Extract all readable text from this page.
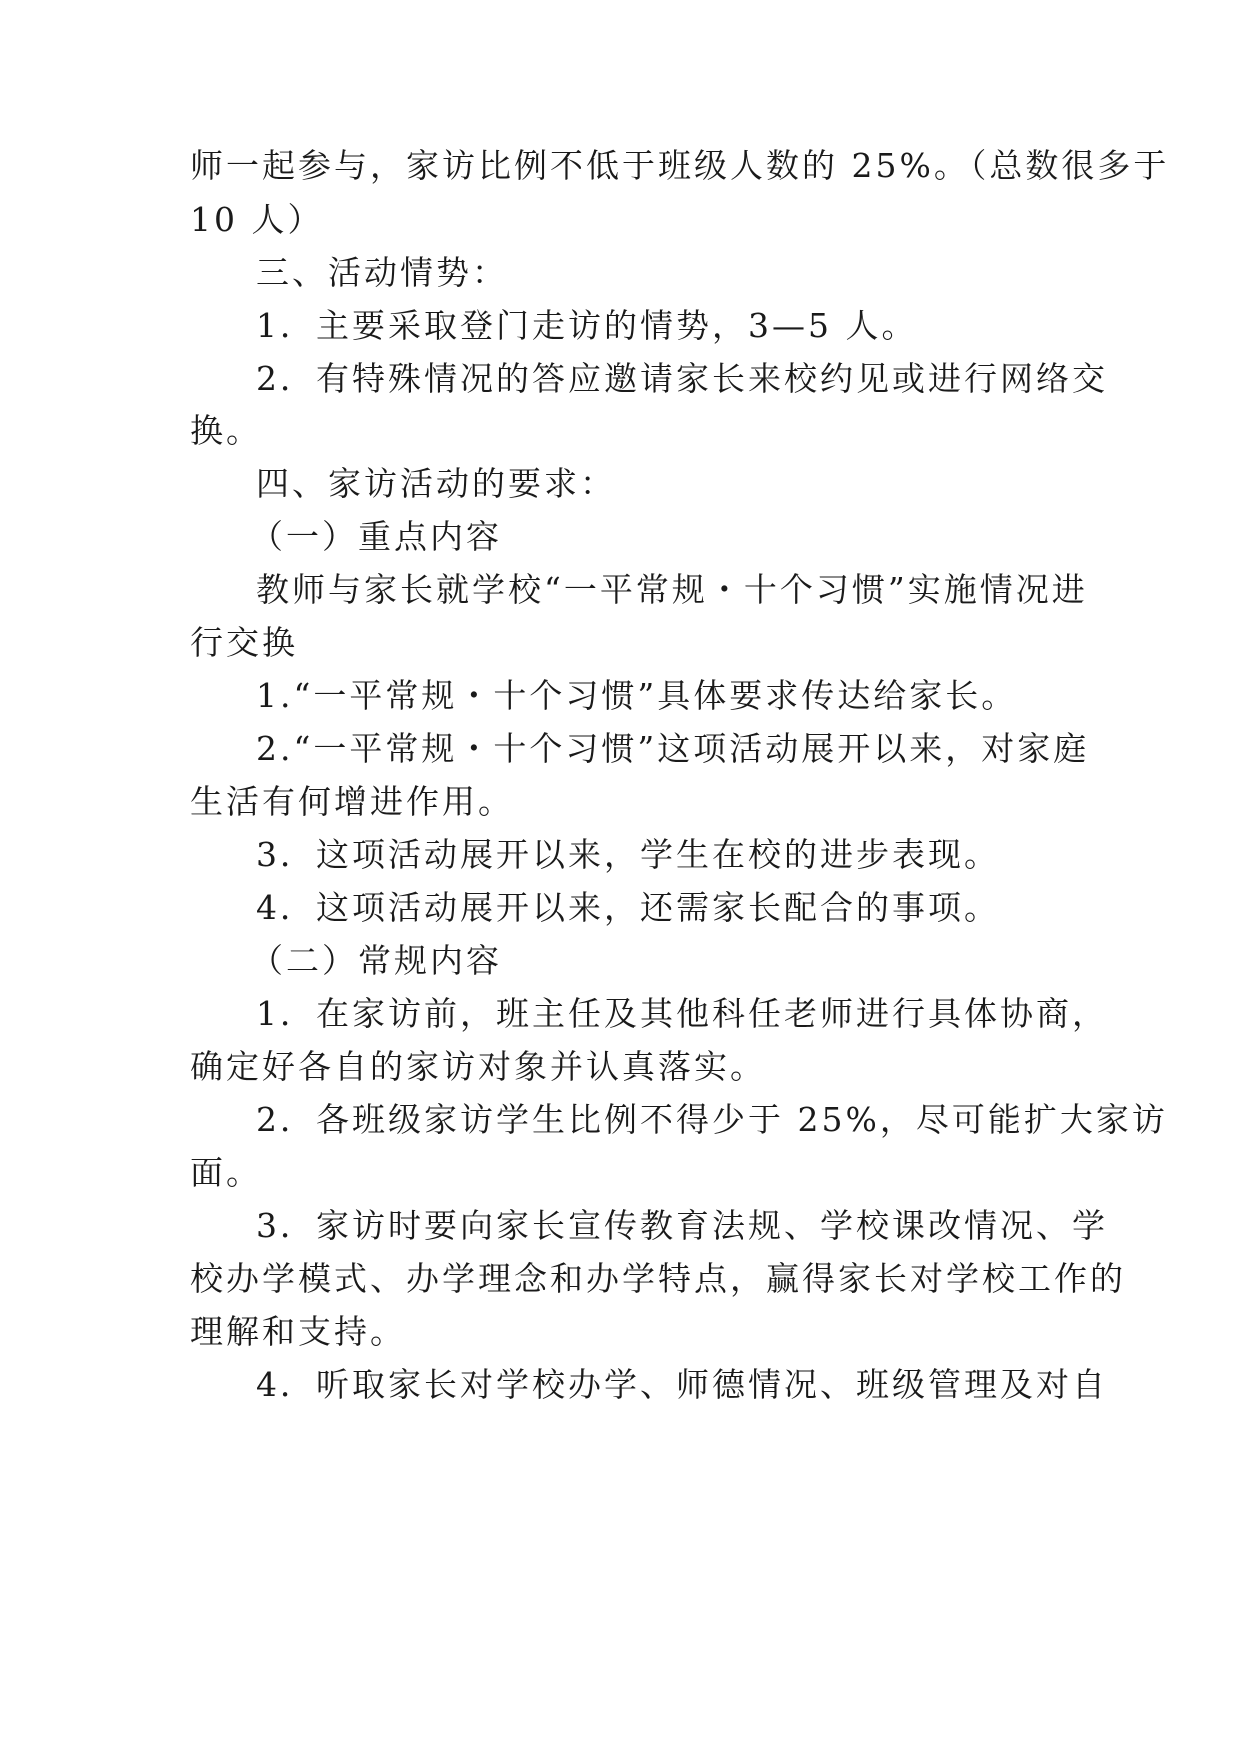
师一起参与，家访比例不低于班级人数的 25%。（总数很多于
10 人）
三、活动情势：
1．主要采取登门走访的情势，3—5 人。
2．有特殊情况的答应邀请家长来校约见或进行网络交
换。
四、家访活动的要求：
（一）重点内容
教师与家长就学校“一平常规・十个习惯”实施情况进
行交换
1.“一平常规・十个习惯”具体要求传达给家长。
2.“一平常规・十个习惯”这项活动展开以来，对家庭
生活有何增进作用。
3．这项活动展开以来，学生在校的进步表现。
4．这项活动展开以来，还需家长配合的事项。
（二）常规内容
1．在家访前，班主任及其他科任老师进行具体协商，
确定好各自的家访对象并认真落实。
2．各班级家访学生比例不得少于 25%，尽可能扩大家访
面。
3．家访时要向家长宣传教育法规、学校课改情况、学
校办学模式、办学理念和办学特点，赢得家长对学校工作的
理解和支持。
4．听取家长对学校办学、师德情况、班级管理及对自
